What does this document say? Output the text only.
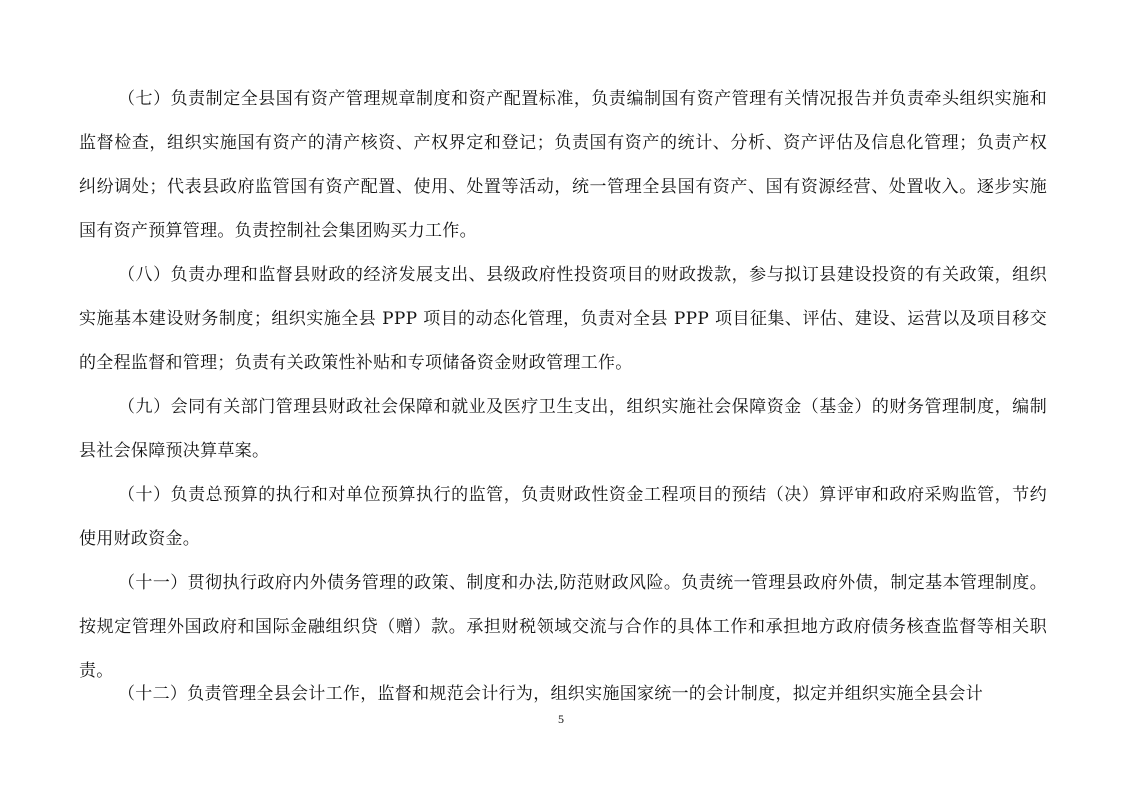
（七）负责制定全县国有资产管理规章制度和资产配置标准，负责编制国有资产管理有关情况报告并负责牵头组织实施和监督检查，组织实施国有资产的清产核资、产权界定和登记；负责国有资产的统计、分析、资产评估及信息化管理；负责产权纠纷调处；代表县政府监管国有资产配置、使用、处置等活动，统一管理全县国有资产、国有资源经营、处置收入。逐步实施国有资产预算管理。负责控制社会集团购买力工作。

（八）负责办理和监督县财政的经济发展支出、县级政府性投资项目的财政拨款，参与拟订县建设投资的有关政策，组织实施基本建设财务制度；组织实施全县 PPP 项目的动态化管理，负责对全县 PPP 项目征集、评估、建设、运营以及项目移交的全程监督和管理；负责有关政策性补贴和专项储备资金财政管理工作。

（九）会同有关部门管理县财政社会保障和就业及医疗卫生支出，组织实施社会保障资金（基金）的财务管理制度，编制县社会保障预决算草案。

（十）负责总预算的执行和对单位预算执行的监管，负责财政性资金工程项目的预结（决）算评审和政府采购监管，节约使用财政资金。

（十一）贯彻执行政府内外债务管理的政策、制度和办法,防范财政风险。负责统一管理县政府外债，制定基本管理制度。按规定管理外国政府和国际金融组织贷（赠）款。承担财税领域交流与合作的具体工作和承担地方政府债务核查监督等相关职责。

（十二）负责管理全县会计工作，监督和规范会计行为，组织实施国家统一的会计制度，拟定并组织实施全县会计

5
